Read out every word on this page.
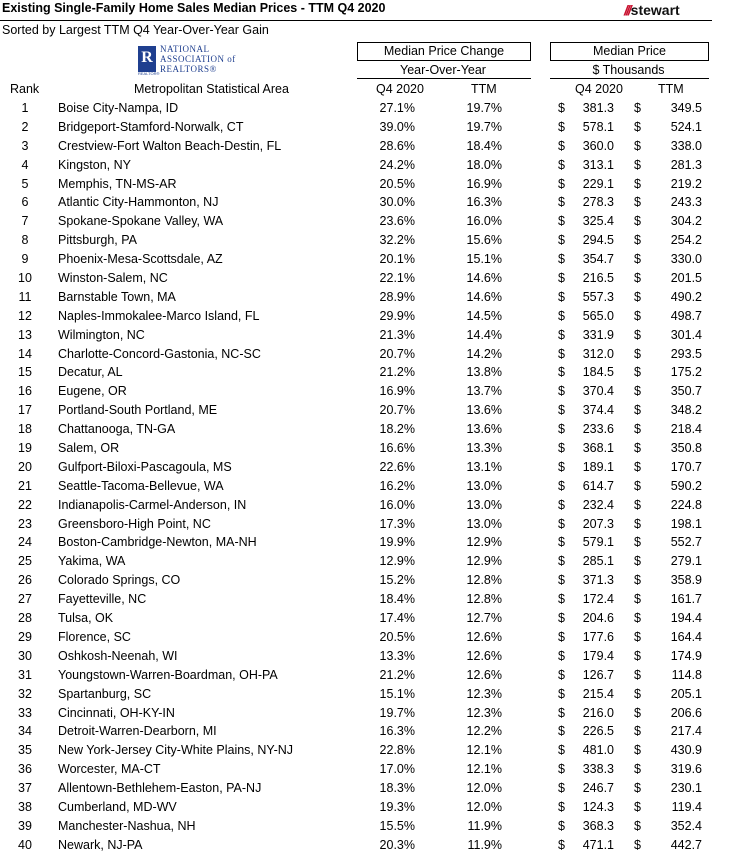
Existing Single-Family Home Sales Median Prices - TTM Q4 2020
Sorted by Largest TTM Q4 Year-Over-Year Gain
///stewart
R
REALTOR®
NATIONAL
ASSOCIATION of
REALTORS®
Median Price Change	Median Price
Year-Over-Year	$ Thousands
Rank	Metropolitan Statistical Area	Q4 2020	TTM	Q4 2020	TTM
1	Boise City-Nampa, ID	27.1%	19.7%	$ 381.3 $ 349.5
2	Bridgeport-Stamford-Norwalk, CT	39.0%	19.7%	$ 578.1 $ 524.1
3	Crestview-Fort Walton Beach-Destin, FL	28.6%	18.4%	$ 360.0 $ 338.0
4	Kingston, NY	24.2%	18.0%	$ 313.1 $ 281.3
5	Memphis, TN-MS-AR	20.5%	16.9%	$ 229.1 $ 219.2
6	Atlantic City-Hammonton, NJ	30.0%	16.3%	$ 278.3 $ 243.3
7	Spokane-Spokane Valley, WA	23.6%	16.0%	$ 325.4 $ 304.2
8	Pittsburgh, PA	32.2%	15.6%	$ 294.5 $ 254.2
9	Phoenix-Mesa-Scottsdale, AZ	20.1%	15.1%	$ 354.7 $ 330.0
10	Winston-Salem, NC	22.1%	14.6%	$ 216.5 $ 201.5
11	Barnstable Town, MA	28.9%	14.6%	$ 557.3 $ 490.2
12	Naples-Immokalee-Marco Island, FL	29.9%	14.5%	$ 565.0 $ 498.7
13	Wilmington, NC	21.3%	14.4%	$ 331.9 $ 301.4
14	Charlotte-Concord-Gastonia, NC-SC	20.7%	14.2%	$ 312.0 $ 293.5
15	Decatur, AL	21.2%	13.8%	$ 184.5 $ 175.2
16	Eugene, OR	16.9%	13.7%	$ 370.4 $ 350.7
17	Portland-South Portland, ME	20.7%	13.6%	$ 374.4 $ 348.2
18	Chattanooga, TN-GA	18.2%	13.6%	$ 233.6 $ 218.4
19	Salem, OR	16.6%	13.3%	$ 368.1 $ 350.8
20	Gulfport-Biloxi-Pascagoula, MS	22.6%	13.1%	$ 189.1 $ 170.7
21	Seattle-Tacoma-Bellevue, WA	16.2%	13.0%	$ 614.7 $ 590.2
22	Indianapolis-Carmel-Anderson, IN	16.0%	13.0%	$ 232.4 $ 224.8
23	Greensboro-High Point, NC	17.3%	13.0%	$ 207.3 $ 198.1
24	Boston-Cambridge-Newton, MA-NH	19.9%	12.9%	$ 579.1 $ 552.7
25	Yakima, WA	12.9%	12.9%	$ 285.1 $ 279.1
26	Colorado Springs, CO	15.2%	12.8%	$ 371.3 $ 358.9
27	Fayetteville, NC	18.4%	12.8%	$ 172.4 $ 161.7
28	Tulsa, OK	17.4%	12.7%	$ 204.6 $ 194.4
29	Florence, SC	20.5%	12.6%	$ 177.6 $ 164.4
30	Oshkosh-Neenah, WI	13.3%	12.6%	$ 179.4 $ 174.9
31	Youngstown-Warren-Boardman, OH-PA	21.2%	12.6%	$ 126.7 $ 114.8
32	Spartanburg, SC	15.1%	12.3%	$ 215.4 $ 205.1
33	Cincinnati, OH-KY-IN	19.7%	12.3%	$ 216.0 $ 206.6
34	Detroit-Warren-Dearborn, MI	16.3%	12.2%	$ 226.5 $ 217.4
35	New York-Jersey City-White Plains, NY-NJ	22.8%	12.1%	$ 481.0 $ 430.9
36	Worcester, MA-CT	17.0%	12.1%	$ 338.3 $ 319.6
37	Allentown-Bethlehem-Easton, PA-NJ	18.3%	12.0%	$ 246.7 $ 230.1
38	Cumberland, MD-WV	19.3%	12.0%	$ 124.3 $ 119.4
39	Manchester-Nashua, NH	15.5%	11.9%	$ 368.3 $ 352.4
40	Newark, NJ-PA	20.3%	11.9%	$ 471.1 $ 442.7
